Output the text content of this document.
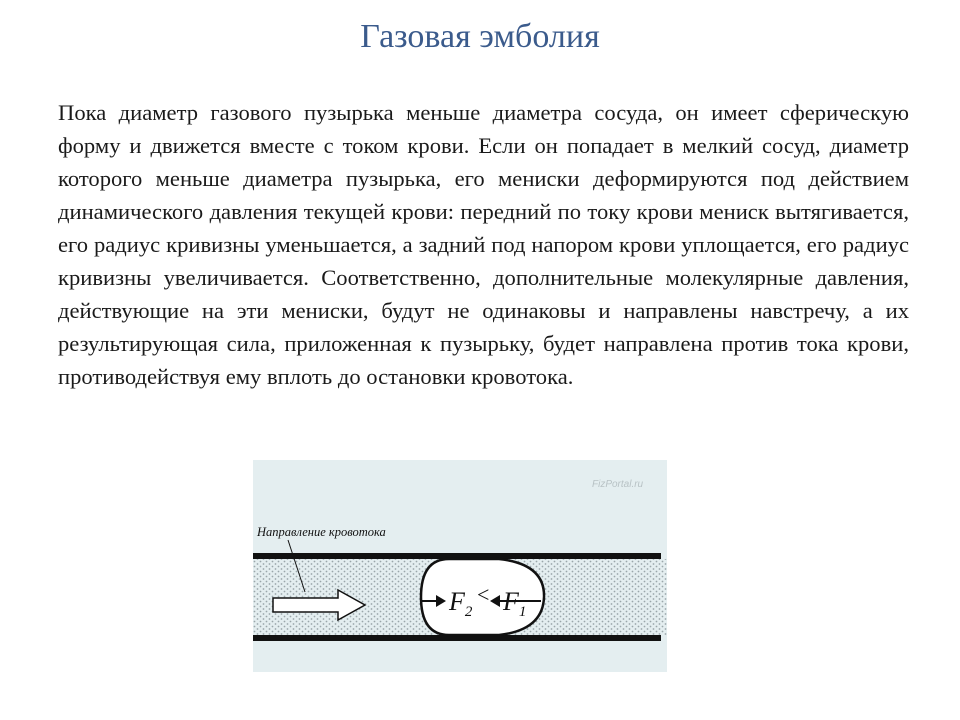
Газовая эмболия

Пока диаметр газового пузырька меньше диаметра сосуда, он имеет сферическую форму и движется вместе с током крови. Если он попадает в мелкий сосуд, диаметр которого меньше диаметра пузырька, его мениски деформируются под действием динамического давления текущей крови: передний по току крови мениск вытягивается, его радиус кривизны уменьшается, а задний под напором крови уплощается, его радиус кривизны увеличивается. Соответственно, дополнительные молекулярные давления, действующие на эти мениски, будут не одинаковы и направлены навстречу, а их результирующая сила, приложенная к пузырьку, будет направлена против тока крови, противодействуя ему вплоть до остановки кровотока.

$F_2$
< $F_1$
Направление кровотока
FizPortal.ru
